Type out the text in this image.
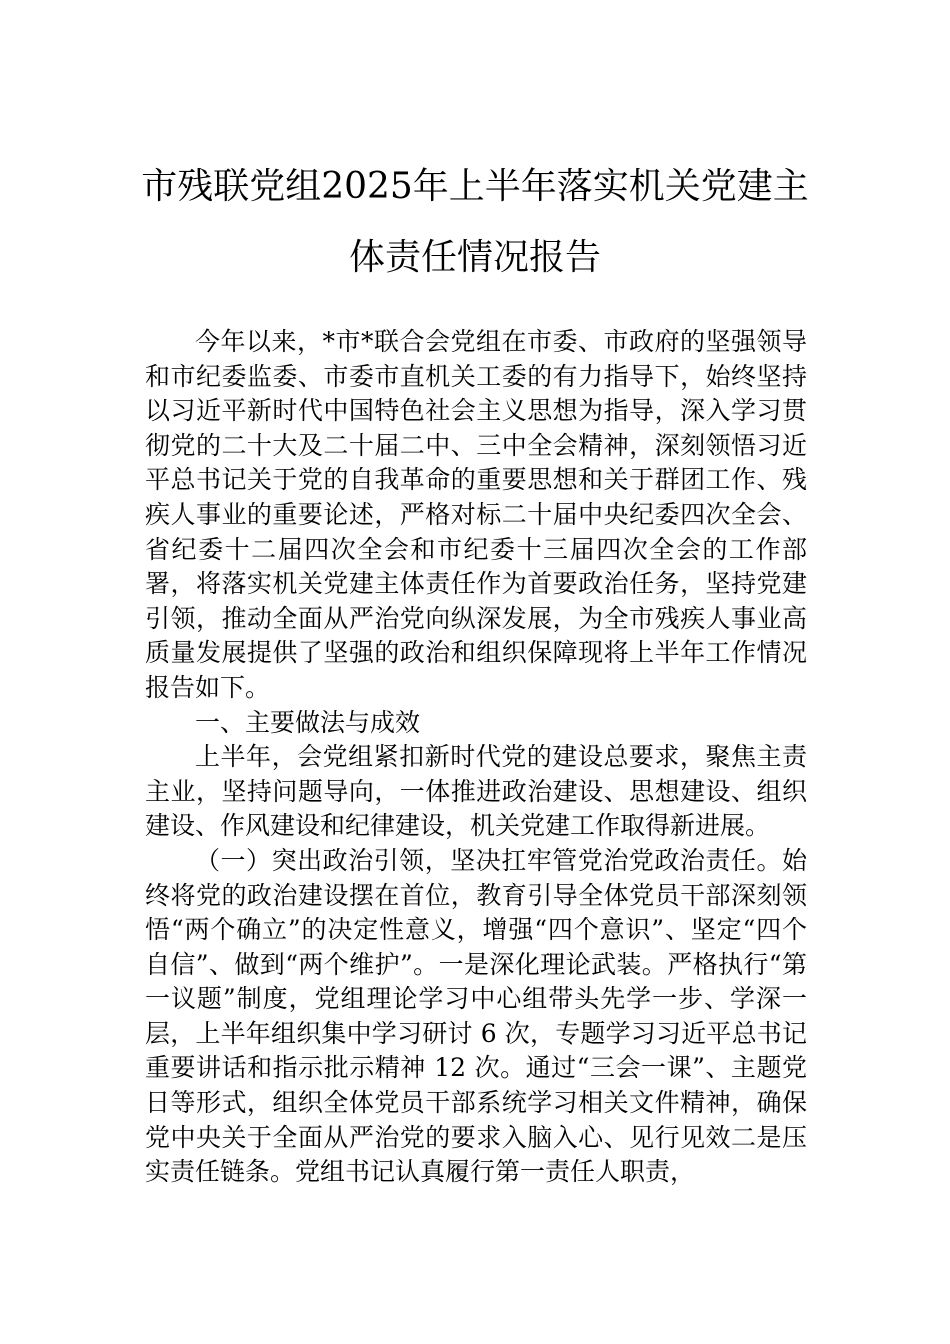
市残联党组2025年上半年落实机关党建主
体责任情况报告

今年以来，*市*联合会党组在市委、市政府的坚强领导和市纪委监委、市委市直机关工委的有力指导下，始终坚持以习近平新时代中国特色社会主义思想为指导，深入学习贯彻党的二十大及二十届二中、三中全会精神，深刻领悟习近平总书记关于党的自我革命的重要思想和关于群团工作、残疾人事业的重要论述，严格对标二十届中央纪委四次全会、省纪委十二届四次全会和市纪委十三届四次全会的工作部署，将落实机关党建主体责任作为首要政治任务，坚持党建引领，推动全面从严治党向纵深发展，为全市残疾人事业高质量发展提供了坚强的政治和组织保障现将上半年工作情况报告如下。

一、主要做法与成效

上半年，会党组紧扣新时代党的建设总要求，聚焦主责主业，坚持问题导向，一体推进政治建设、思想建设、组织建设、作风建设和纪律建设，机关党建工作取得新进展。

（一）突出政治引领，坚决扛牢管党治党政治责任。始终将党的政治建设摆在首位，教育引导全体党员干部深刻领悟“两个确立”的决定性意义，增强“四个意识”、坚定“四个自信”、做到“两个维护”。一是深化理论武装。严格执行“第一议题”制度，党组理论学习中心组带头先学一步、学深一层，上半年组织集中学习研讨 6 次，专题学习习近平总书记重要讲话和指示批示精神 12 次。通过“三会一课”、主题党日等形式，组织全体党员干部系统学习相关文件精神，确保党中央关于全面从严治党的要求入脑入心、见行见效二是压实责任链条。党组书记认真履行第一责任人职责，
